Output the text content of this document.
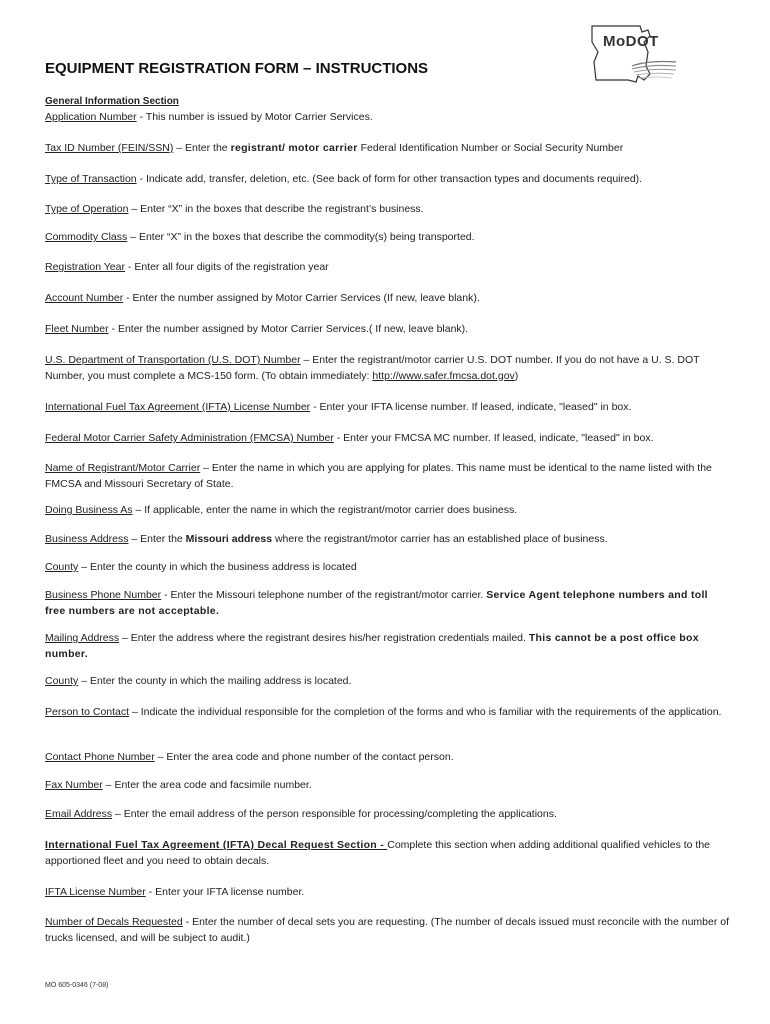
MoDOT
EQUIPMENT REGISTRATION FORM – INSTRUCTIONS
General Information Section
Application Number - This number is issued by Motor Carrier Services.
Tax ID Number (FEIN/SSN) – Enter the registrant/ motor carrier Federal Identification Number or Social Security Number
Type of Transaction - Indicate add, transfer, deletion, etc. (See back of form for other transaction types and documents required).
Type of Operation – Enter “X” in the boxes that describe the registrant’s business.
Commodity Class – Enter “X” in the boxes that describe the commodity(s) being transported.
Registration Year - Enter all four digits of the registration year
Account Number - Enter the number assigned by Motor Carrier Services (If new, leave blank).
Fleet Number - Enter the number assigned by Motor Carrier Services.( If new, leave blank).
U.S. Department of Transportation (U.S. DOT) Number – Enter the registrant/motor carrier U.S. DOT number. If you do not have a U. S. DOT Number, you must complete a MCS-150 form. (To obtain immediately: http://www.safer.fmcsa.dot.gov)
International Fuel Tax Agreement (IFTA) License Number - Enter your IFTA license number. If leased, indicate, "leased" in box.
Federal Motor Carrier Safety Administration (FMCSA) Number - Enter your FMCSA MC number. If leased, indicate, "leased" in box.
Name of Registrant/Motor Carrier – Enter the name in which you are applying for plates. This name must be identical to the name listed with the FMCSA and Missouri Secretary of State.
Doing Business As – If applicable, enter the name in which the registrant/motor carrier does business.
Business Address – Enter the Missouri address where the registrant/motor carrier has an established place of business.
County – Enter the county in which the business address is located
Business Phone Number - Enter the Missouri telephone number of the registrant/motor carrier. Service Agent telephone numbers and toll free numbers are not acceptable.
Mailing Address – Enter the address where the registrant desires his/her registration credentials mailed. This cannot be a post office box number.
County – Enter the county in which the mailing address is located.
Person to Contact – Indicate the individual responsible for the completion of the forms and who is familiar with the requirements of the application.
Contact Phone Number – Enter the area code and phone number of the contact person.
Fax Number – Enter the area code and facsimile number.
Email Address – Enter the email address of the person responsible for processing/completing the applications.
International Fuel Tax Agreement (IFTA) Decal Request Section - Complete this section when adding additional qualified vehicles to the apportioned fleet and you need to obtain decals.
IFTA License Number - Enter your IFTA license number.
Number of Decals Requested - Enter the number of decal sets you are requesting. (The number of decals issued must reconcile with the number of trucks licensed, and will be subject to audit.)
MO 605-0346 (7-08)
